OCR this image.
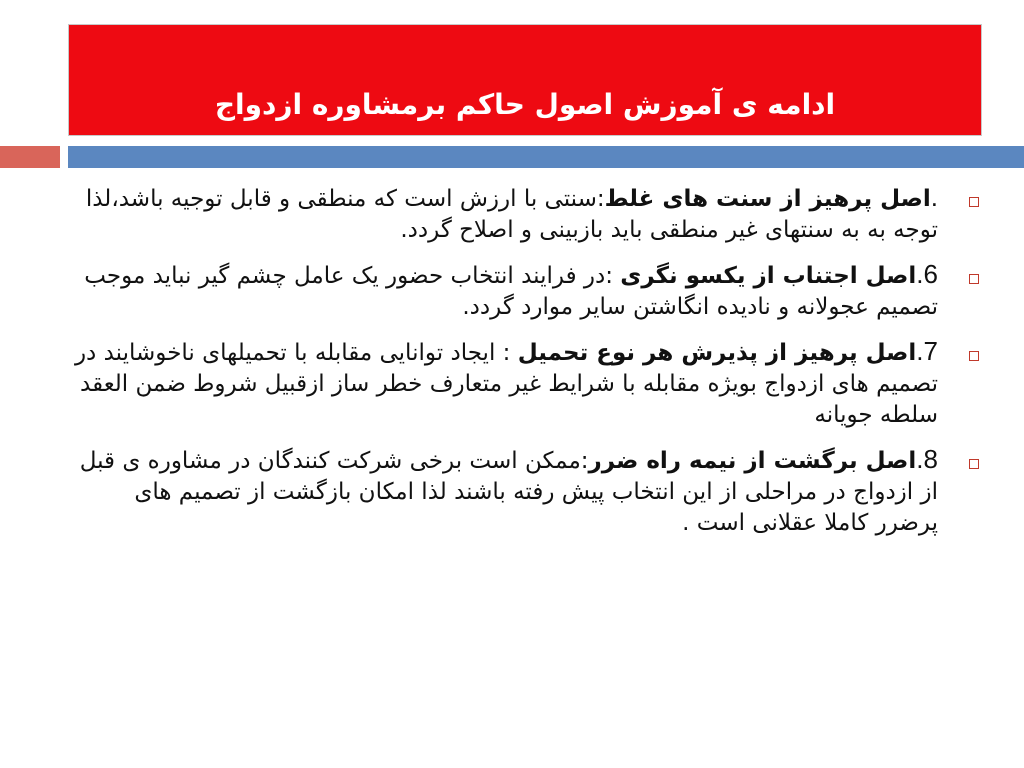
ادامه ی آموزش اصول حاکم برمشاوره ازدواج
.اصل پرهیز از سنت های غلط:سنتی با ارزش است که منطقی و قابل توجیه باشد،لذا توجه به به سنتهای غیر منطقی باید بازبینی و اصلاح گردد.
6.اصل اجتناب از یکسو نگری :در فرایند انتخاب حضور یک عامل چشم گیر نباید موجب تصمیم عجولانه و نادیده انگاشتن سایر موارد گردد.
7.اصل پرهیز از پذیرش هر نوع تحمیل : ایجاد توانایی مقابله با تحمیلهای ناخوشایند در تصمیم های ازدواج بویژه مقابله با شرایط غیر متعارف خطر ساز ازقبیل شروط ضمن العقد سلطه جویانه
8.اصل برگشت از نیمه راه ضرر:ممکن است برخی شرکت کنندگان در مشاوره ی قبل از ازدواج در مراحلی از این انتخاب پیش رفته باشند لذا امکان بازگشت از تصمیم های پرضرر کاملا عقلانی است .
